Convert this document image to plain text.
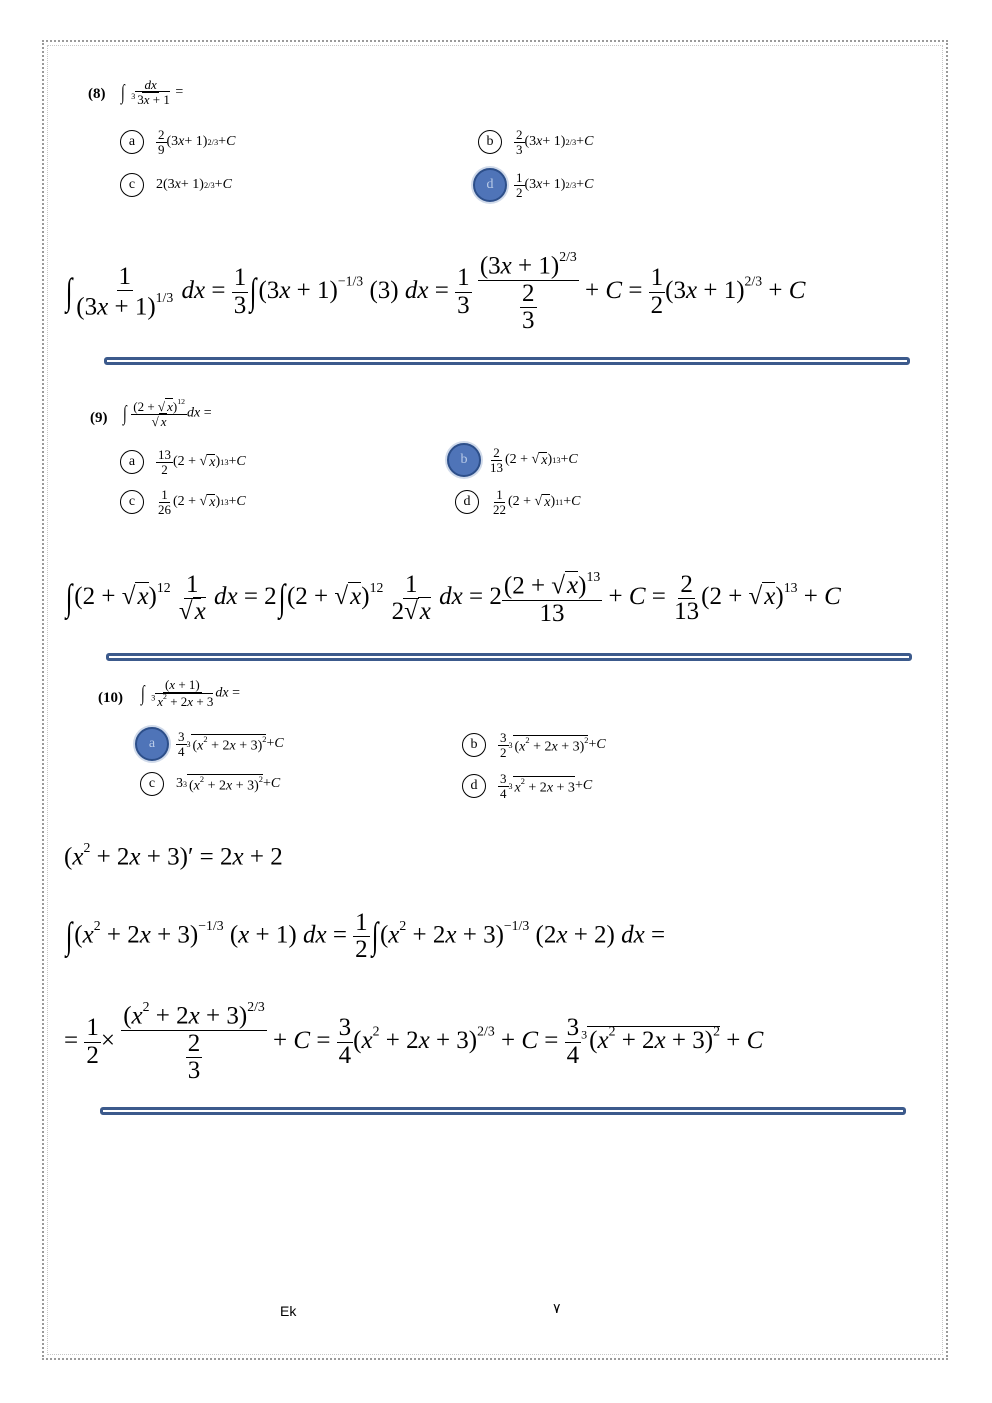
(8) ∫ $\frac{dx}{^3 3x + 1}$ =
a	2
9 (3 x + 1) 2/3 + C	b	2
3 (3 x + 1) 2/3 + C
c	2(3 x + 1) 2/3 + C	d	1
2 (3 x + 1) 2/3 + C
∫ $\frac{1}{(3x + 1)^{1/3}}$ dx = $\frac{1}{3} \int(3x + 1)^{-1/3}$ (3) dx = $\frac{1}{3}$
$\frac{(3x + 1)^{2/3}}{\frac{2}{3}} + C = \frac{1}{2} (3x + 1)^{2/3} + C$
(9) ∫ $\frac{(2 + √ x)^{12}}{√ x}$ dx =
a	13
2 (2 + √ x ) 13 + C	b	2
13 (2 + √ x ) 13 + C
c	1
26 (2 + √ x ) 13 + C	d	1
22 (2 + √ x ) 11 + C
$\int(2 + √x)^{12} \frac{1}{√x}$ dx = $2\int(2 + √x)^{12} \frac{1}{2√x}$ dx = $2 \frac{(2 + √x)^{13}}{13} + C = \frac{2}{13} (2 + √x)^{13} + C$
(10) ∫ $\frac{(x + 1)}{^3 x^2 + 2x + 3}$ dx =
a	3
4 3 $(x^2 + 2x + 3)^2 + C$	b	3
2 3 $(x^2 + 2x + 3)^2 + C$
c	3 3 $(x^2 + 2x + 3)^2 + C$	d	3
4 3 $x^2 + 2x + 3 + C$
$(x^2 + 2x + 3)' = 2x + 2$
$\int(x^2 + 2x + 3)^{-1/3}$ (x + 1) dx = $\frac{1}{2} \int(x^2 + 2x + 3)^{-1/3}$ (2x + 2) dx =
= $\frac{1}{2} \times \frac{(x^2 + 2x + 3)^{2/3}}{\frac{2}{3}} + C = \frac{3}{4} (x^2 + 2x + 3)^{2/3} + C = \frac{3}{4} ^3(x^2 + 2x + 3)^2 + C$
Ek	٧
